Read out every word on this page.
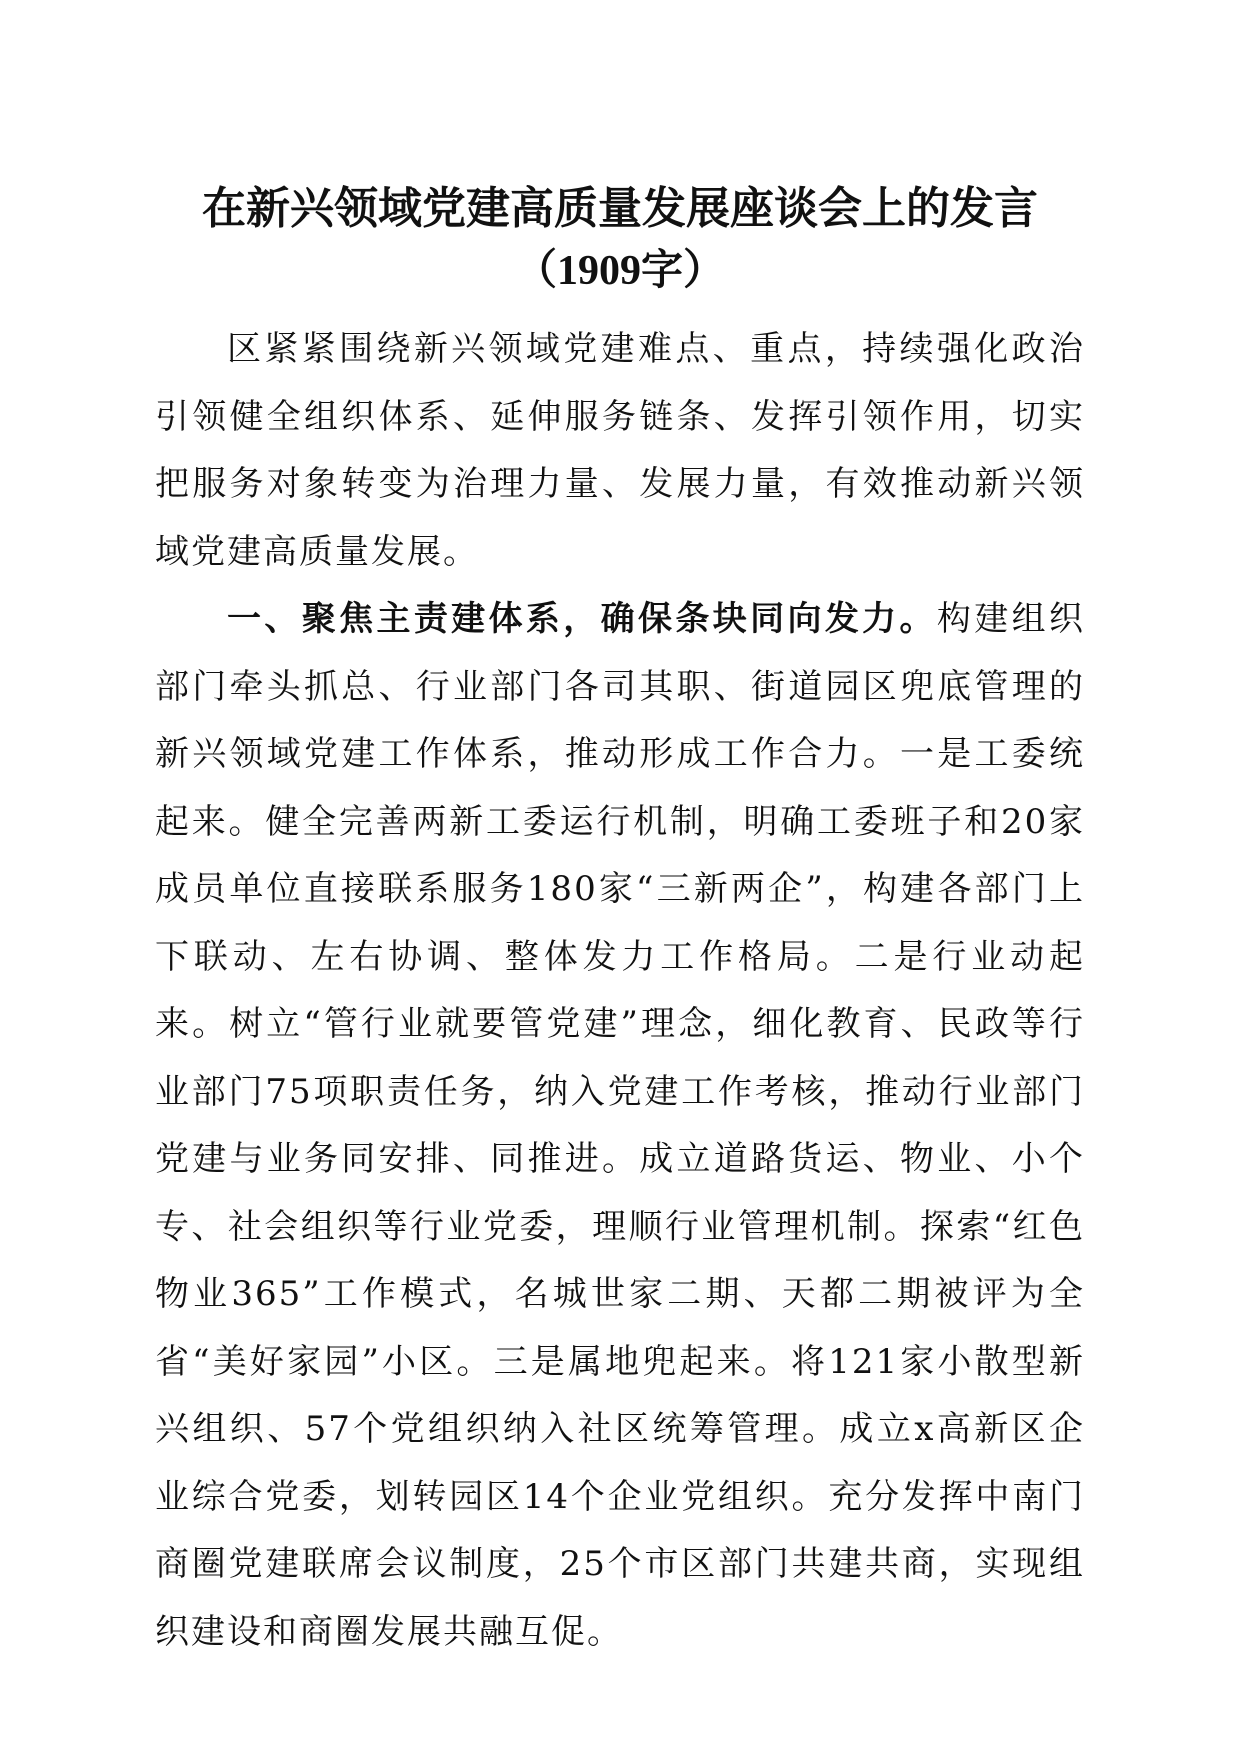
在新兴领域党建高质量发展座谈会上的发言
（1909字）

区紧紧围绕新兴领域党建难点、重点，持续强化政治引领健全组织体系、延伸服务链条、发挥引领作用，切实把服务对象转变为治理力量、发展力量，有效推动新兴领域党建高质量发展。

一、聚焦主责建体系，确保条块同向发力。构建组织部门牵头抓总、行业部门各司其职、街道园区兜底管理的新兴领域党建工作体系，推动形成工作合力。一是工委统起来。健全完善两新工委运行机制，明确工委班子和20家成员单位直接联系服务180家“三新两企”，构建各部门上下联动、左右协调、整体发力工作格局。二是行业动起来。树立“管行业就要管党建”理念，细化教育、民政等行业部门75项职责任务，纳入党建工作考核，推动行业部门党建与业务同安排、同推进。成立道路货运、物业、小个专、社会组织等行业党委，理顺行业管理机制。探索“红色物业365”工作模式，名城世家二期、天都二期被评为全省“美好家园”小区。三是属地兜起来。将121家小散型新兴组织、57个党组织纳入社区统筹管理。成立x高新区企业综合党委，划转园区14个企业党组织。充分发挥中南门商圈党建联席会议制度，25个市区部门共建共商，实现组织建设和商圈发展共融互促。
